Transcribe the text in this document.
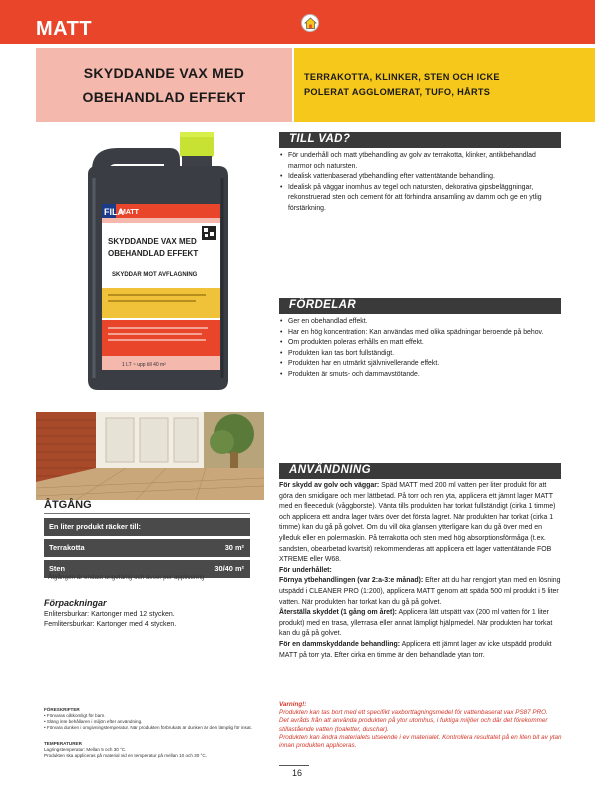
MATT
SKYDDANDE VAX MED
OBEHANDLAD EFFEKT
TERRAKOTTA, KLINKER, STEN OCH ICKE
POLERAT AGGLOMERAT, TUFO, HÅRTS
FILA
MATT
SKYDDANDE VAX MED
OBEHANDLAD EFFEKT
SKYDDAR MOT AVFLAGNING
1 LT ~ upp till 40 m²
TILL VAD?
• För underhåll och matt ytbehandling av golv av terrakotta, klinker, antikbehandlad marmor och natursten.
• Idealisk vattenbaserad ytbehandling efter vattentätande behandling.
• Idealisk på väggar inomhus av tegel och natursten, dekorativa gipsbeläggningar, rekonstruerad sten och cement för att förhindra ansamling av damm och ge en ytlig förstärkning.
FÖRDELAR
• Ger en obehandlad effekt.
• Har en hög koncentration: Kan användas med olika spädningar beroende på behov.
• Om produkten poleras erhålls en matt effekt.
• Produkten kan tas bort fullständigt.
• Produkten har en utmärkt självnivellerande effekt.
• Produkten är smuts- och dammavstötande.
ÅTGÅNG
En liter produkt räcker till:
Terrakotta	30 m²
Sten	30/40 m²
Åtgången är endast ungefärlig och avser per applicering
Förpackningar
Enlitersburkar: Kartonger med 12 stycken.
Femlitersburkar: Kartonger med 4 stycken.
FÖRESKRIFTER
• Förvaras oåtkomligt för barn.
• Släng inte behållaren i miljön efter användning.
• Förvara dunken i omgivningstemperatur. När produkten förbrukats är dunken är den lämplig för insat.
TEMPERATURER
Lagringstemperatur: Mellan 5 och 30 °C.
Produkten ska appliceras på material vid en temperatur på mellan 10 och 30 °C.
ANVÄNDNING

För skydd av golv och väggar: Späd MATT med 200 ml vatten per liter produkt för att göra den smidigare och mer lättbetad. På torr och ren yta, applicera ett jämnt lager MATT med en fleeceduk (våggborste). Vänta tills produkten har torkat fullständigt (cirka 1 timme) och applicera ett andra lager tvärs över det första lagret. När produkten har torkat (cirka 1 timme) kan du gå på golvet. Om du vill öka glansen ytterligare kan du gå över med en ylleduk eller en polermaskin. På terrakotta och sten med hög absorptionsförmåga (t.ex. sandsten, obearbetad kvartsit) rekommenderas att applicera ett lager vattentätande FOB XTREME eller W68.

För underhållet:

Förnya ytbehandlingen (var 2:a-3:e månad): Efter att du har rengjort ytan med en lösning utspädd i CLEANER PRO (1:200), applicera MATT genom att späda 500 ml produkt i 5 liter vatten. När produkten har torkat kan du gå på golvet.

Återställa skyddet (1 gång om året): Applicera lätt utspätt vax (200 ml vatten för 1 liter produkt) med en trasa, yllетrasa eller annat lämpligt hjälpmedel. När produkten har torkat kan du gå på golvet.

För en dammskyddande behandling: Applicera ett jämnt lager av icke utspädd produkt MATT på torr yta. Efter cirka en timme är den behandlade ytan torr.

Varning!:
Produkten kan tas bort med ett specifikt vaxborttagningsmedel för vattenbaserat vax PS87 PRO.
Det avråds från att använda produkten på ytor utomhus, i fuktiga miljöer och där det förekommer stillastående vatten (toaletter, duschar).
Produkten kan ändra materialets utseende i ev materialet. Kontrollera resultatet på en liten bit av ytan innan produkten appliceras.
16
